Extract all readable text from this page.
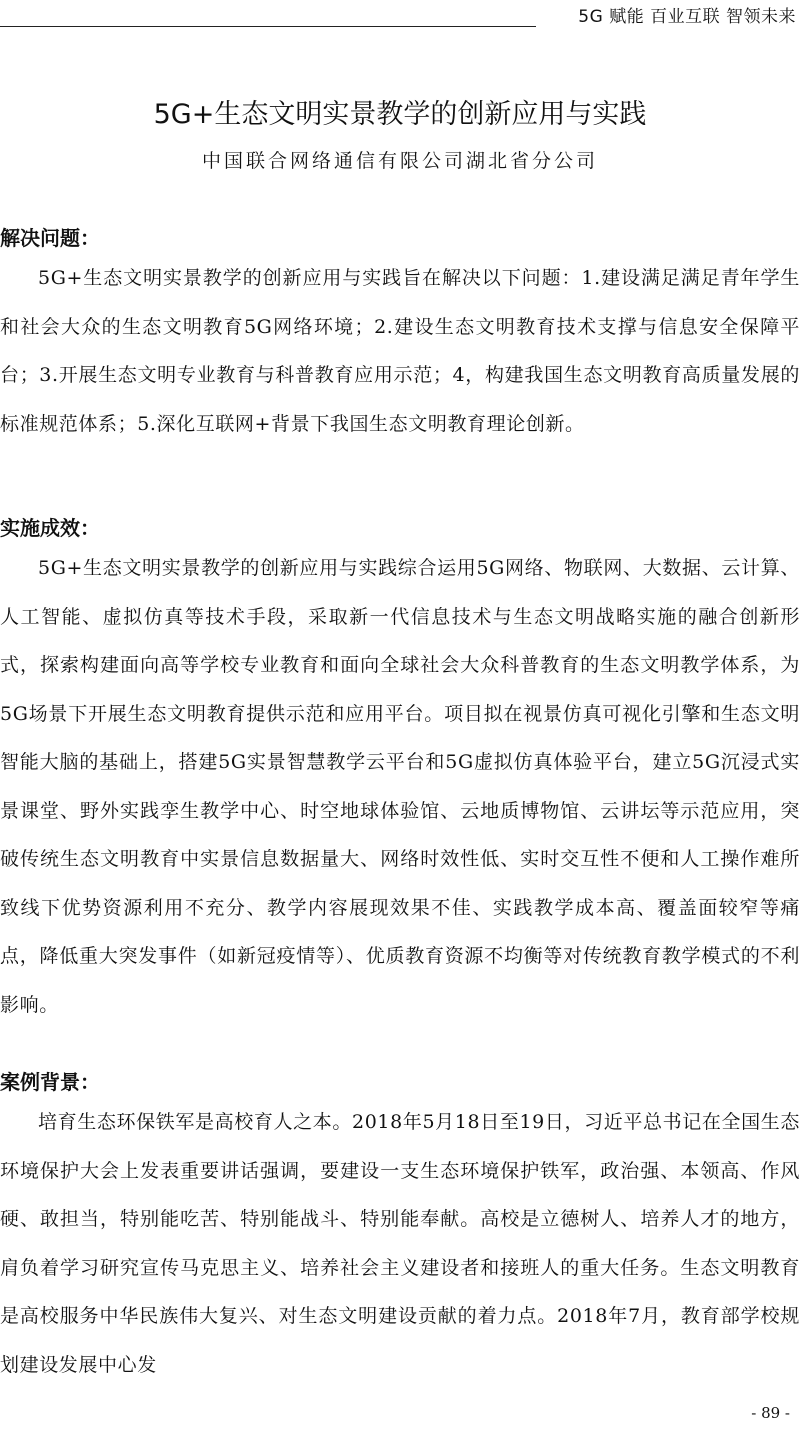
5G 赋能 百业互联 智领未来
5G+生态文明实景教学的创新应用与实践
中国联合网络通信有限公司湖北省分公司
解决问题：

5G+生态文明实景教学的创新应用与实践旨在解决以下问题：1.建设满足满足青年学生和社会大众的生态文明教育5G网络环境；2.建设生态文明教育技术支撑与信息安全保障平台；3.开展生态文明专业教育与科普教育应用示范；4，构建我国生态文明教育高质量发展的标准规范体系；5.深化互联网+背景下我国生态文明教育理论创新。

实施成效：

5G+生态文明实景教学的创新应用与实践综合运用5G网络、物联网、大数据、云计算、人工智能、虚拟仿真等技术手段，采取新一代信息技术与生态文明战略实施的融合创新形式，探索构建面向高等学校专业教育和面向全球社会大众科普教育的生态文明教学体系，为5G场景下开展生态文明教育提供示范和应用平台。项目拟在视景仿真可视化引擎和生态文明智能大脑的基础上，搭建5G实景智慧教学云平台和5G虚拟仿真体验平台，建立5G沉浸式实景课堂、野外实践孪生教学中心、时空地球体验馆、云地质博物馆、云讲坛等示范应用，突破传统生态文明教育中实景信息数据量大、网络时效性低、实时交互性不便和人工操作难所致线下优势资源利用不充分、教学内容展现效果不佳、实践教学成本高、覆盖面较窄等痛点，降低重大突发事件（如新冠疫情等）、优质教育资源不均衡等对传统教育教学模式的不利影响。

案例背景：

培育生态环保铁军是高校育人之本。2018年5月18日至19日，习近平总书记在全国生态环境保护大会上发表重要讲话强调，要建设一支生态环境保护铁军，政治强、本领高、作风硬、敢担当，特别能吃苦、特别能战斗、特别能奉献。高校是立德树人、培养人才的地方，肩负着学习研究宣传马克思主义、培养社会主义建设者和接班人的重大任务。生态文明教育是高校服务中华民族伟大复兴、对生态文明建设贡献的着力点。2018年7月，教育部学校规划建设发展中心发

- 89 -
